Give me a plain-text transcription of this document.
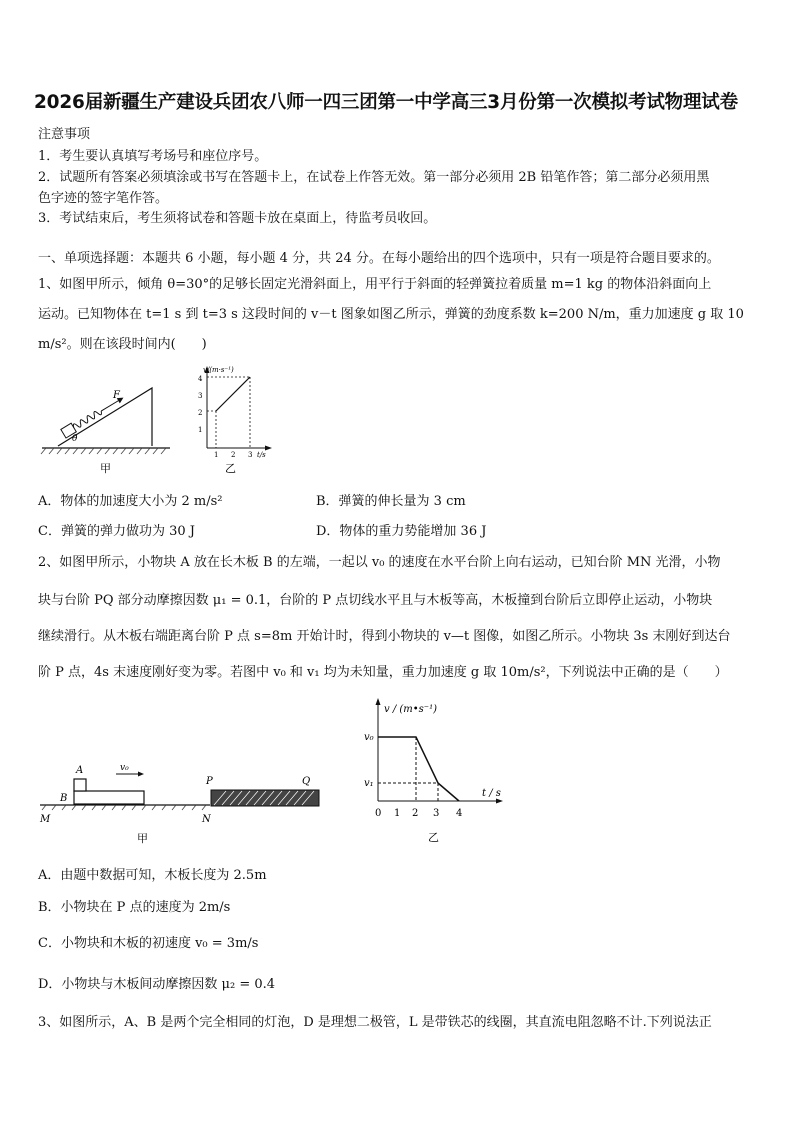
2026届新疆生产建设兵团农八师一四三团第一中学高三3月份第一次模拟考试物理试卷
注意事项
1．考生要认真填写考场号和座位序号。
2．试题所有答案必须填涂或书写在答题卡上，在试卷上作答无效。第一部分必须用 2B 铅笔作答；第二部分必须用黑
色字迹的签字笔作答。
3．考试结束后，考生须将试卷和答题卡放在桌面上，待监考员收回。
一、单项选择题：本题共 6 小题，每小题 4 分，共 24 分。在每小题给出的四个选项中，只有一项是符合题目要求的。
1、如图甲所示，倾角 θ=30°的足够长固定光滑斜面上，用平行于斜面的轻弹簧拉着质量 m=1 kg 的物体沿斜面向上
运动。已知物体在 t=1 s 到 t=3 s 这段时间的 v－t 图象如图乙所示，弹簧的劲度系数 k=200 N/m，重力加速度 g 取 10
m/s²。则在该段时间内(　　)
F
θ
甲
v/(m·s⁻¹)
t/s
1
2
3
4
1 2 3
乙
A．物体的加速度大小为 2 m/s²	B．弹簧的伸长量为 3 cm
C．弹簧的弹力做功为 30 J	D．物体的重力势能增加 36 J
2、如图甲所示，小物块 A 放在长木板 B 的左端，一起以 v₀ 的速度在水平台阶上向右运动，已知台阶 MN 光滑，小物
块与台阶 PQ 部分动摩擦因数 μ₁ = 0.1，台阶的 P 点切线水平且与木板等高，木板撞到台阶后立即停止运动，小物块
继续滑行。从木板右端距离台阶 P 点 s=8m 开始计时，得到小物块的 v—t 图像，如图乙所示。小物块 3s 末刚好到达台
阶 P 点，4s 末速度刚好变为零。若图中 v₀ 和 v₁ 均为未知量，重力加速度 g 取 10m/s²，下列说法中正确的是（　　）
A
B
v₀
P	Q
M	N
甲
v / (m•s⁻¹)
t / s
v₀
v₁
0 1 2 3 4
乙
A．由题中数据可知，木板长度为 2.5m
B．小物块在 P 点的速度为 2m/s
C．小物块和木板的初速度 v₀ = 3m/s
D．小物块与木板间动摩擦因数 μ₂ = 0.4
3、如图所示，A、B 是两个完全相同的灯泡，D 是理想二极管，L 是带铁芯的线圈，其直流电阻忽略不计.下列说法正
